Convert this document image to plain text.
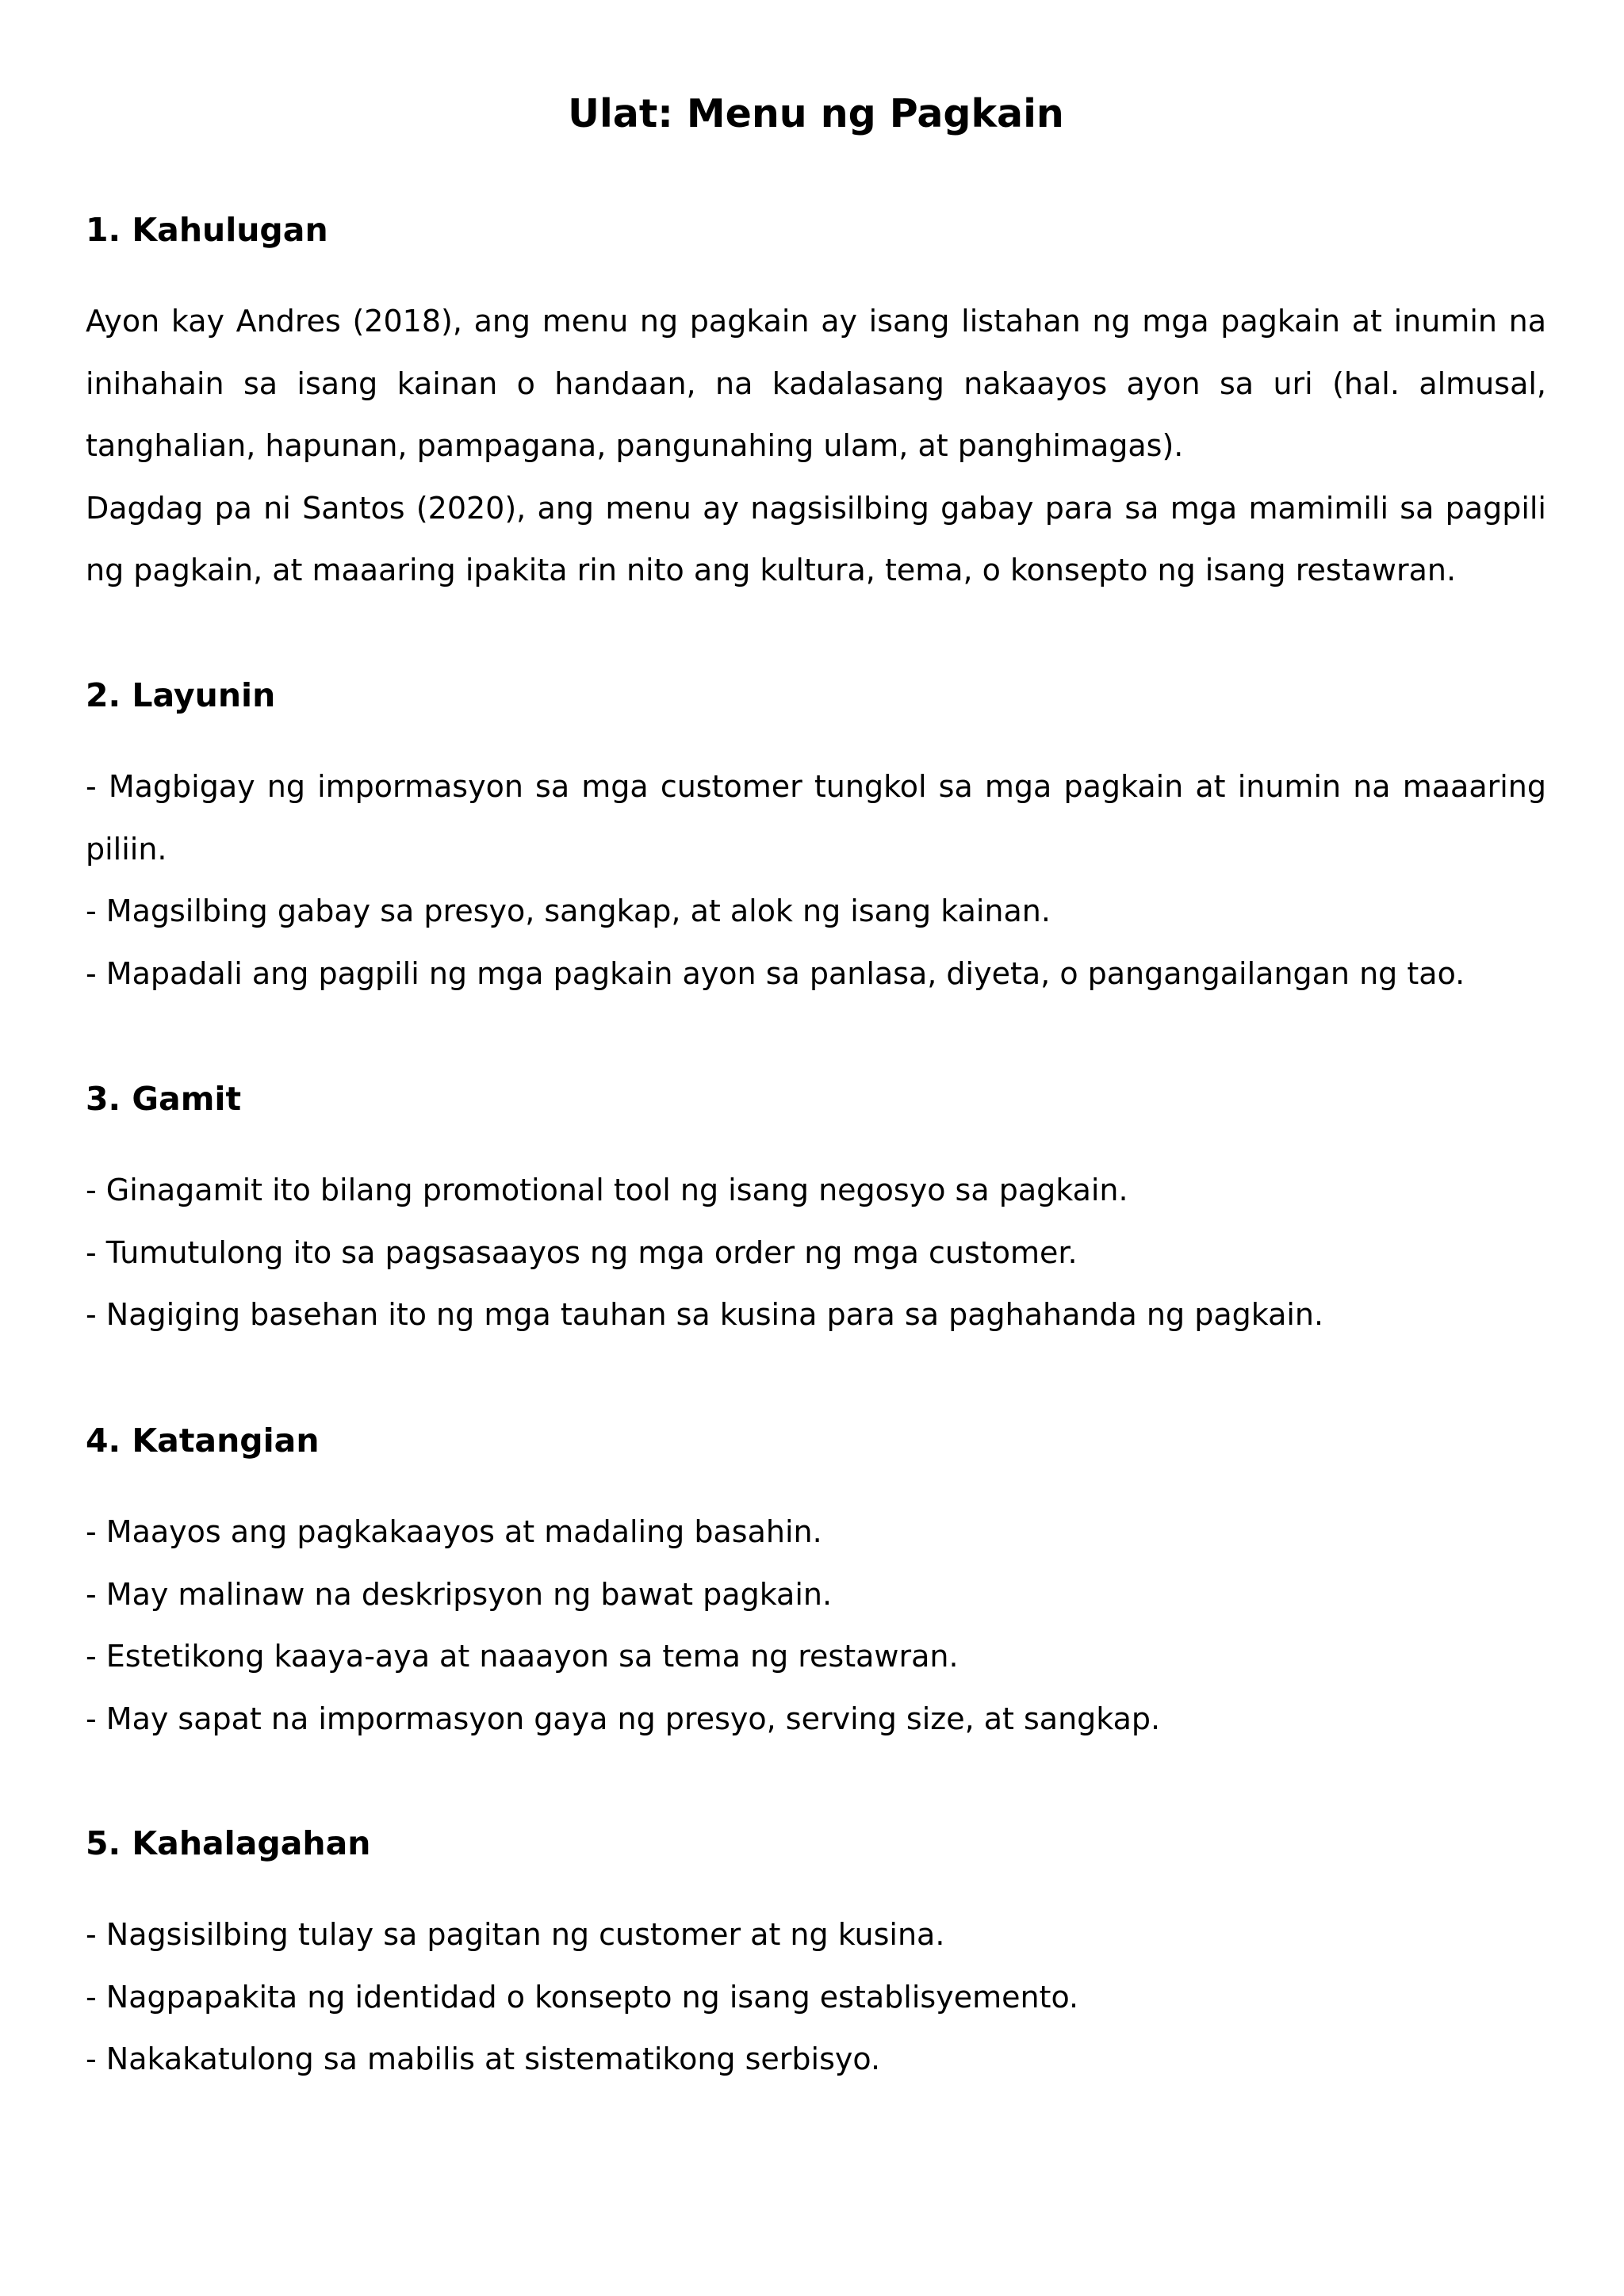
Ulat: Menu ng Pagkain
1. Kahulugan

Ayon kay Andres (2018), ang menu ng pagkain ay isang listahan ng mga pagkain at inumin na inihahain sa isang kainan o handaan, na kadalasang nakaayos ayon sa uri (hal. almusal, tanghalian, hapunan, pampagana, pangunahing ulam, at panghimagas).

Dagdag pa ni Santos (2020), ang menu ay nagsisilbing gabay para sa mga mamimili sa pagpili ng pagkain, at maaaring ipakita rin nito ang kultura, tema, o konsepto ng isang restawran.

2. Layunin

- Magbigay ng impormasyon sa mga customer tungkol sa mga pagkain at inumin na maaaring piliin.

- Magsilbing gabay sa presyo, sangkap, at alok ng isang kainan.

- Mapadali ang pagpili ng mga pagkain ayon sa panlasa, diyeta, o pangangailangan ng tao.

3. Gamit

- Ginagamit ito bilang promotional tool ng isang negosyo sa pagkain.

- Tumutulong ito sa pagsasaayos ng mga order ng mga customer.

- Nagiging basehan ito ng mga tauhan sa kusina para sa paghahanda ng pagkain.

4. Katangian

- Maayos ang pagkakaayos at madaling basahin.

- May malinaw na deskripsyon ng bawat pagkain.

- Estetikong kaaya-aya at naaayon sa tema ng restawran.

- May sapat na impormasyon gaya ng presyo, serving size, at sangkap.

5. Kahalagahan

- Nagsisilbing tulay sa pagitan ng customer at ng kusina.

- Nagpapakita ng identidad o konsepto ng isang establisyemento.

- Nakakatulong sa mabilis at sistematikong serbisyo.
